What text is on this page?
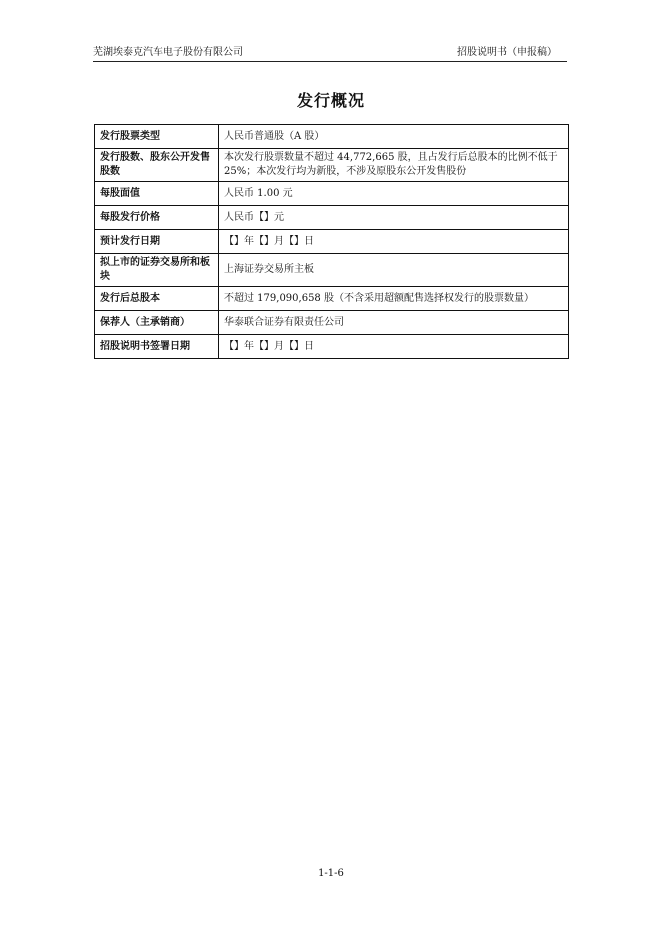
芜湖埃泰克汽车电子股份有限公司	招股说明书（申报稿）
发行概况
发行股票类型	人民币普通股（A 股）
发行股数、股东公开发售股数	本次发行股票数量不超过 44,772,665 股，且占发行后总股本的比例不低于 25%；本次发行均为新股，不涉及原股东公开发售股份
每股面值	人民币 1.00 元
每股发行价格	人民币【】元
预计发行日期	【】年【】月【】日
拟上市的证券交易所和板块	上海证券交易所主板
发行后总股本	不超过 179,090,658 股（不含采用超额配售选择权发行的股票数量）
保荐人（主承销商）	华泰联合证券有限责任公司
招股说明书签署日期	【】年【】月【】日
1-1-6
